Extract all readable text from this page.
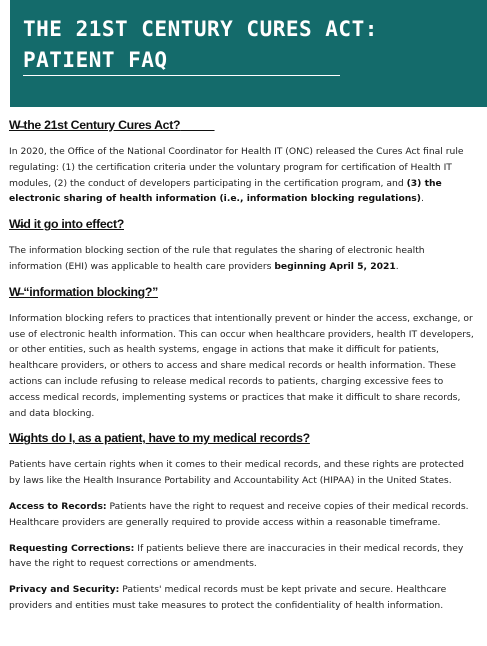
THE 21ST CENTURY CURES ACT:
PATIENT FAQ
W̶ the 21st Century Cures Act?

In 2020, the Office of the National Coordinator for Health IT (ONC) released the Cures Act final rule regulating: (1) the certification criteria under the voluntary program for certification of Health IT modules, (2) the conduct of developers participating in the certification program, and (3) the electronic sharing of health information (i.e., information blocking regulations).

W̶id it go into effect?

The information blocking section of the rule that regulates the sharing of electronic health information (EHI) was applicable to health care providers beginning April 5, 2021.

W̶ “information blocking?”

Information blocking refers to practices that intentionally prevent or hinder the access, exchange, or use of electronic health information. This can occur when healthcare providers, health IT developers, or other entities, such as health systems, engage in actions that make it difficult for patients, healthcare providers, or others to access and share medical records or health information. These actions can include refusing to release medical records to patients, charging excessive fees to access medical records, implementing systems or practices that make it difficult to share records, and data blocking.

W̶ights do I, as a patient, have to my medical records?

Patients have certain rights when it comes to their medical records, and these rights are protected by laws like the Health Insurance Portability and Accountability Act (HIPAA) in the United States.

Access to Records: Patients have the right to request and receive copies of their medical records. Healthcare providers are generally required to provide access within a reasonable timeframe.

Requesting Corrections: If patients believe there are inaccuracies in their medical records, they have the right to request corrections or amendments.

Privacy and Security: Patients' medical records must be kept private and secure. Healthcare providers and entities must take measures to protect the confidentiality of health information.
